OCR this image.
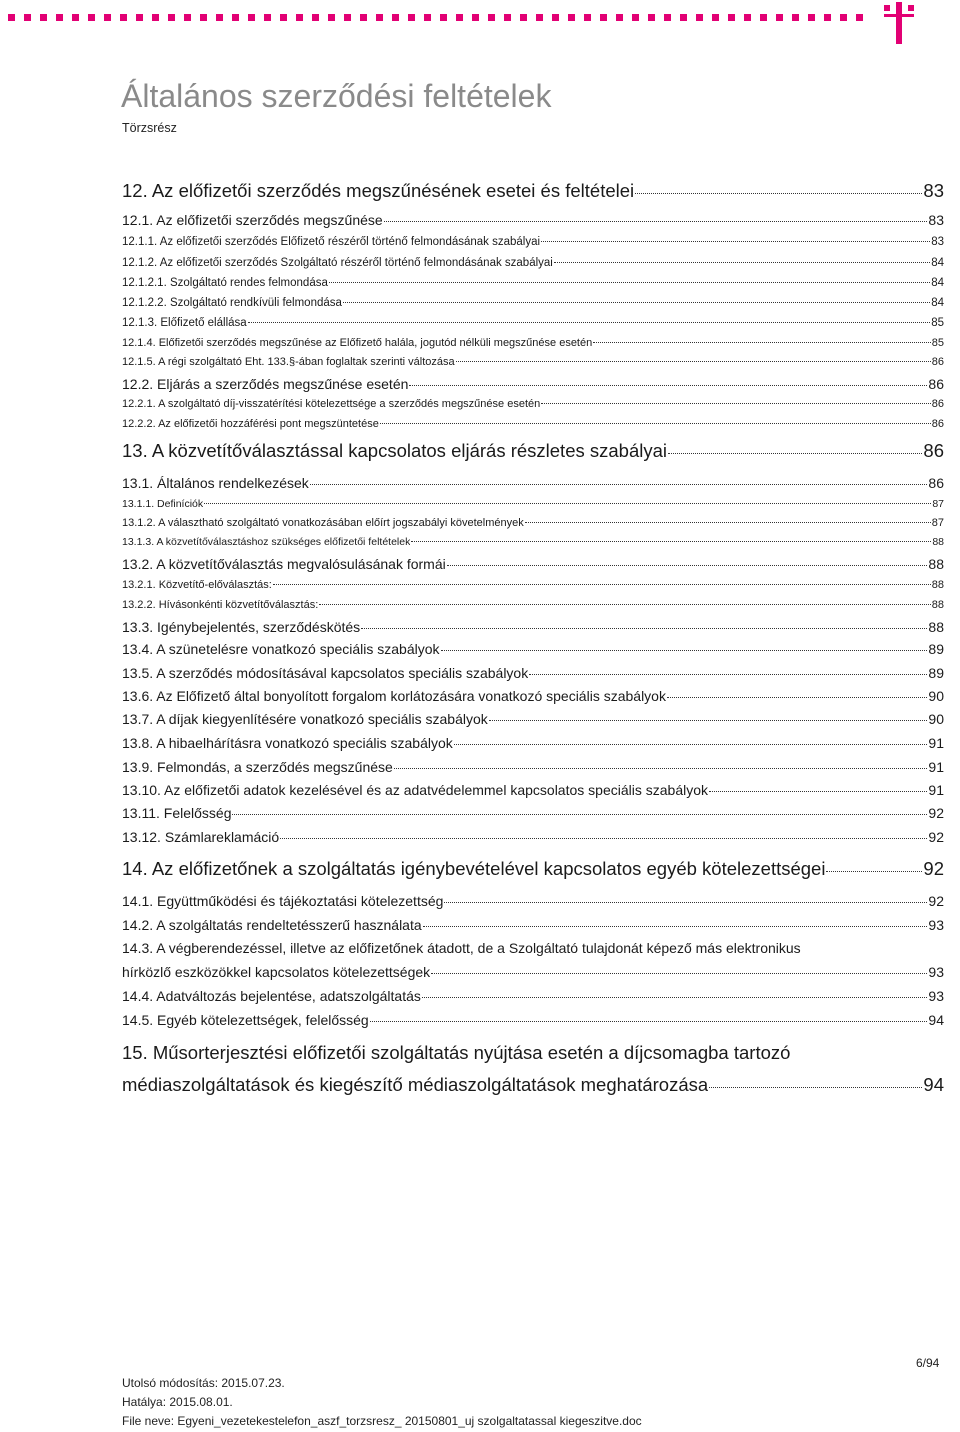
Általános szerződési feltételek
Törzsrész
12. Az előfizetői szerződés megszűnésének esetei és feltételei	83
12.1. Az előfizetői szerződés megszűnése	83
12.1.1. Az előfizetői szerződés Előfizető részéről történő felmondásának szabályai	83
12.1.2. Az előfizetői szerződés Szolgáltató részéről történő felmondásának szabályai	84
12.1.2.1. Szolgáltató rendes felmondása	84
12.1.2.2. Szolgáltató rendkívüli felmondása	84
12.1.3. Előfizető elállása	85
12.1.4. Előfizetői szerződés megszűnése az Előfizető halála, jogutód nélküli megszűnése esetén	85
12.1.5. A régi szolgáltató Eht. 133.§-ában foglaltak szerinti változása	86
12.2. Eljárás a szerződés megszűnése esetén	86
12.2.1. A szolgáltató díj-visszatérítési kötelezettsége a szerződés megszűnése esetén	86
12.2.2. Az előfizetői hozzáférési pont megszüntetése	86
13. A közvetítőválasztással kapcsolatos eljárás részletes szabályai	86
13.1. Általános rendelkezések	86
13.1.1. Definíciók	87
13.1.2. A választható szolgáltató vonatkozásában előírt jogszabályi követelmények	87
13.1.3. A közvetítőválasztáshoz szükséges előfizetői feltételek	88
13.2. A közvetítőválasztás megvalósulásának formái	88
13.2.1. Közvetítő-előválasztás:	88
13.2.2. Hívásonkénti közvetítőválasztás:	88
13.3. Igénybejelentés, szerződéskötés	88
13.4. A szünetelésre vonatkozó speciális szabályok	89
13.5. A szerződés módosításával kapcsolatos speciális szabályok	89
13.6. Az Előfizető által bonyolított forgalom korlátozására vonatkozó speciális szabályok	90
13.7. A díjak kiegyenlítésére vonatkozó speciális szabályok	90
13.8. A hibaelhárításra vonatkozó speciális szabályok	91
13.9. Felmondás, a szerződés megszűnése	91
13.10. Az előfizetői adatok kezelésével és az adatvédelemmel kapcsolatos speciális szabályok	91
13.11. Felelősség	92
13.12. Számlareklamáció	92
14. Az előfizetőnek a szolgáltatás igénybevételével kapcsolatos egyéb kötelezettségei	92
14.1. Együttműködési és tájékoztatási kötelezettség	92
14.2. A szolgáltatás rendeltetésszerű használata	93
14.3. A végberendezéssel, illetve az előfizetőnek átadott, de a Szolgáltató tulajdonát képező más elektronikus
hírközlő eszközökkel kapcsolatos kötelezettségek	93
14.4. Adatváltozás bejelentése, adatszolgáltatás	93
14.5. Egyéb kötelezettségek, felelősség	94
15. Műsorterjesztési előfizetői szolgáltatás nyújtása esetén a díjcsomagba tartozó
médiaszolgáltatások és kiegészítő médiaszolgáltatások meghatározása	94
6/94
Utolsó módosítás: 2015.07.23.
Hatálya: 2015.08.01.
File neve: Egyeni_vezetekestelefon_aszf_torzsresz_ 20150801_uj szolgaltatassal kiegeszitve.doc
